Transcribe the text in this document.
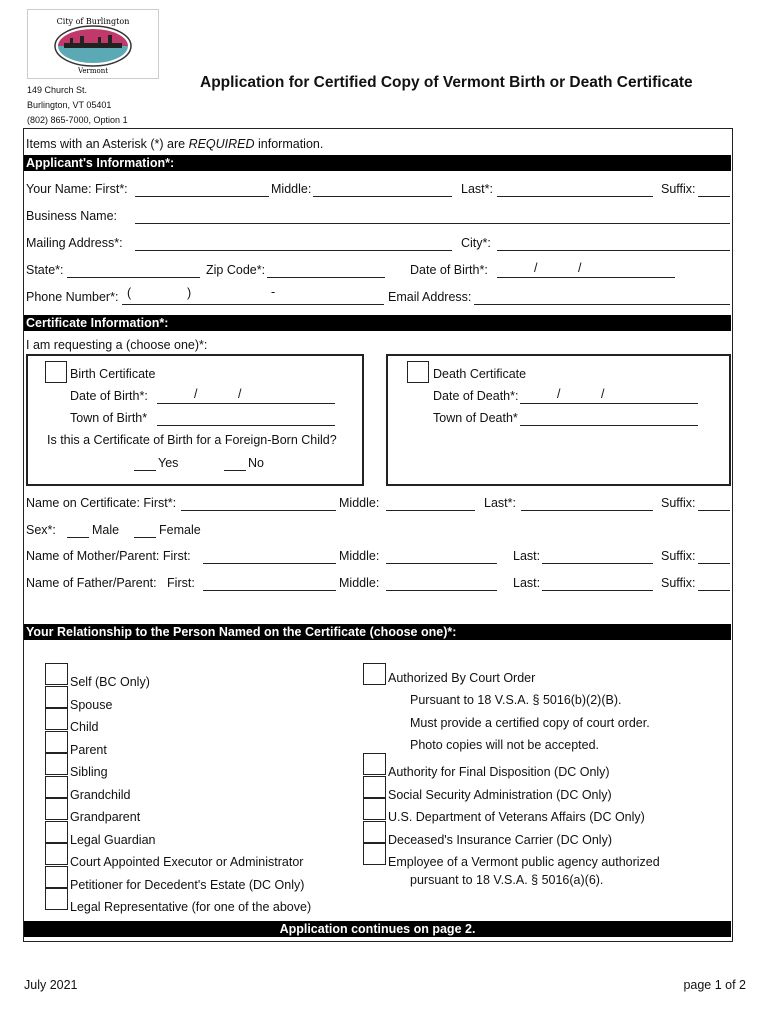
City of Burlington
Vermont
149 Church St.
Burlington, VT 05401
(802) 865-7000, Option 1
Application for Certified Copy of Vermont Birth or Death Certificate
Items with an Asterisk (*) are REQUIRED information.
Applicant's Information*:
Your Name: First*:	Middle:	Last*:	Suffix:
Business Name:
Mailing Address*:	City*:
State*:	Zip Code*:	Date of Birth*:	/	/
Phone Number*: (	)	-	Email Address:
Certificate Information*:
I am requesting a (choose one)*:
Birth Certificate
Date of Birth*:	/	/
Town of Birth*
Is this a Certificate of Birth for a Foreign-Born Child?
Yes	No
Death Certificate
Date of Death*:	/	/
Town of Death*
Name on Certificate: First*:	Middle:	Last*:	Suffix:
Sex*:	Male	Female
Name of Mother/Parent: First:	Middle:	Last:	Suffix:
Name of Father/Parent:   First:	Middle:	Last:	Suffix:
Your Relationship to the Person Named on the Certificate (choose one)*:
Self (BC Only)
Spouse
Child
Parent
Sibling
Grandchild
Grandparent
Legal Guardian
Court Appointed Executor or Administrator
Petitioner for Decedent's Estate (DC Only)
Legal Representative (for one of the above)
Authorized By Court Order
Pursuant to 18 V.S.A. § 5016(b)(2)(B).
Must provide a certified copy of court order.
Photo copies will not be accepted.
Authority for Final Disposition (DC Only)
Social Security Administration (DC Only)
U.S. Department of Veterans Affairs (DC Only)
Deceased's Insurance Carrier (DC Only)
Employee of a Vermont public agency authorized
pursuant to 18 V.S.A. § 5016(a)(6).
Application continues on page 2.
July 2021	page 1 of 2
